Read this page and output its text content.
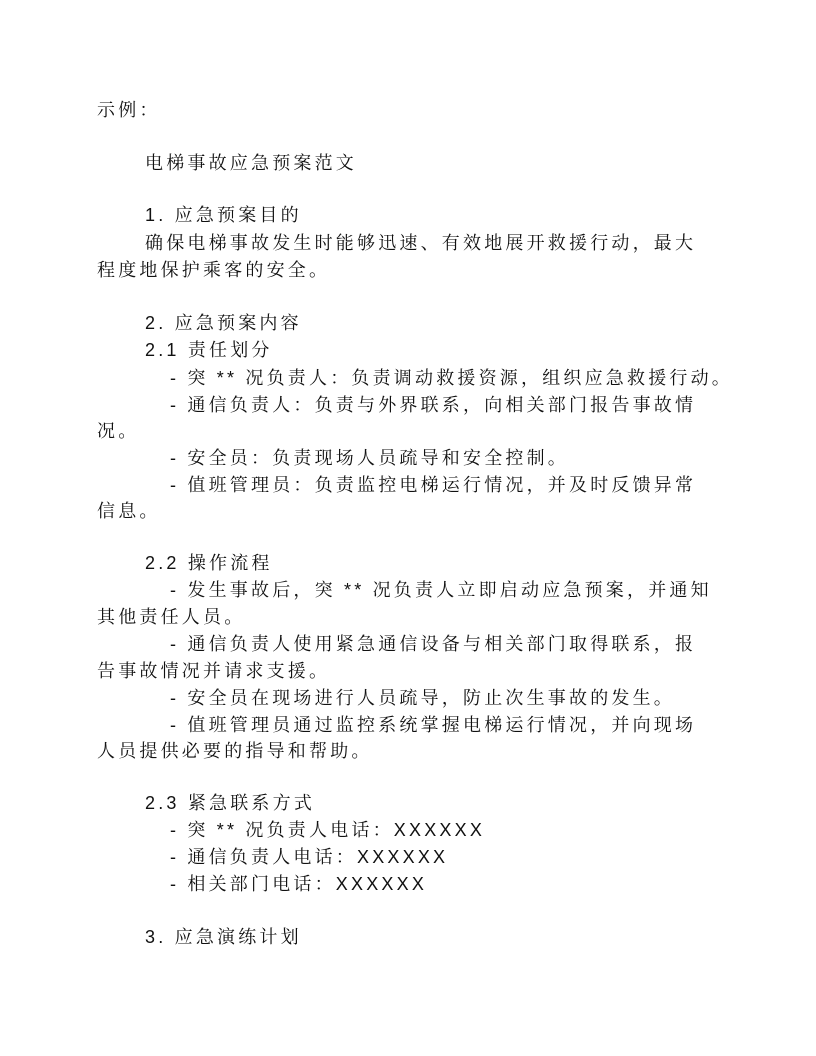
示例：
电梯事故应急预案范文
1. 应急预案目的
确保电梯事故发生时能够迅速、有效地展开救援行动，最大
程度地保护乘客的安全。
2. 应急预案内容
2.1 责任划分
- 突 ** 况负责人：负责调动救援资源，组织应急救援行动。
- 通信负责人：负责与外界联系，向相关部门报告事故情
况。
- 安全员：负责现场人员疏导和安全控制。
- 值班管理员：负责监控电梯运行情况，并及时反馈异常
信息。
2.2 操作流程
- 发生事故后，突 ** 况负责人立即启动应急预案，并通知
其他责任人员。
- 通信负责人使用紧急通信设备与相关部门取得联系，报
告事故情况并请求支援。
- 安全员在现场进行人员疏导，防止次生事故的发生。
- 值班管理员通过监控系统掌握电梯运行情况，并向现场
人员提供必要的指导和帮助。
2.3 紧急联系方式
- 突 ** 况负责人电话：XXXXXX
- 通信负责人电话：XXXXXX
- 相关部门电话：XXXXXX
3. 应急演练计划
